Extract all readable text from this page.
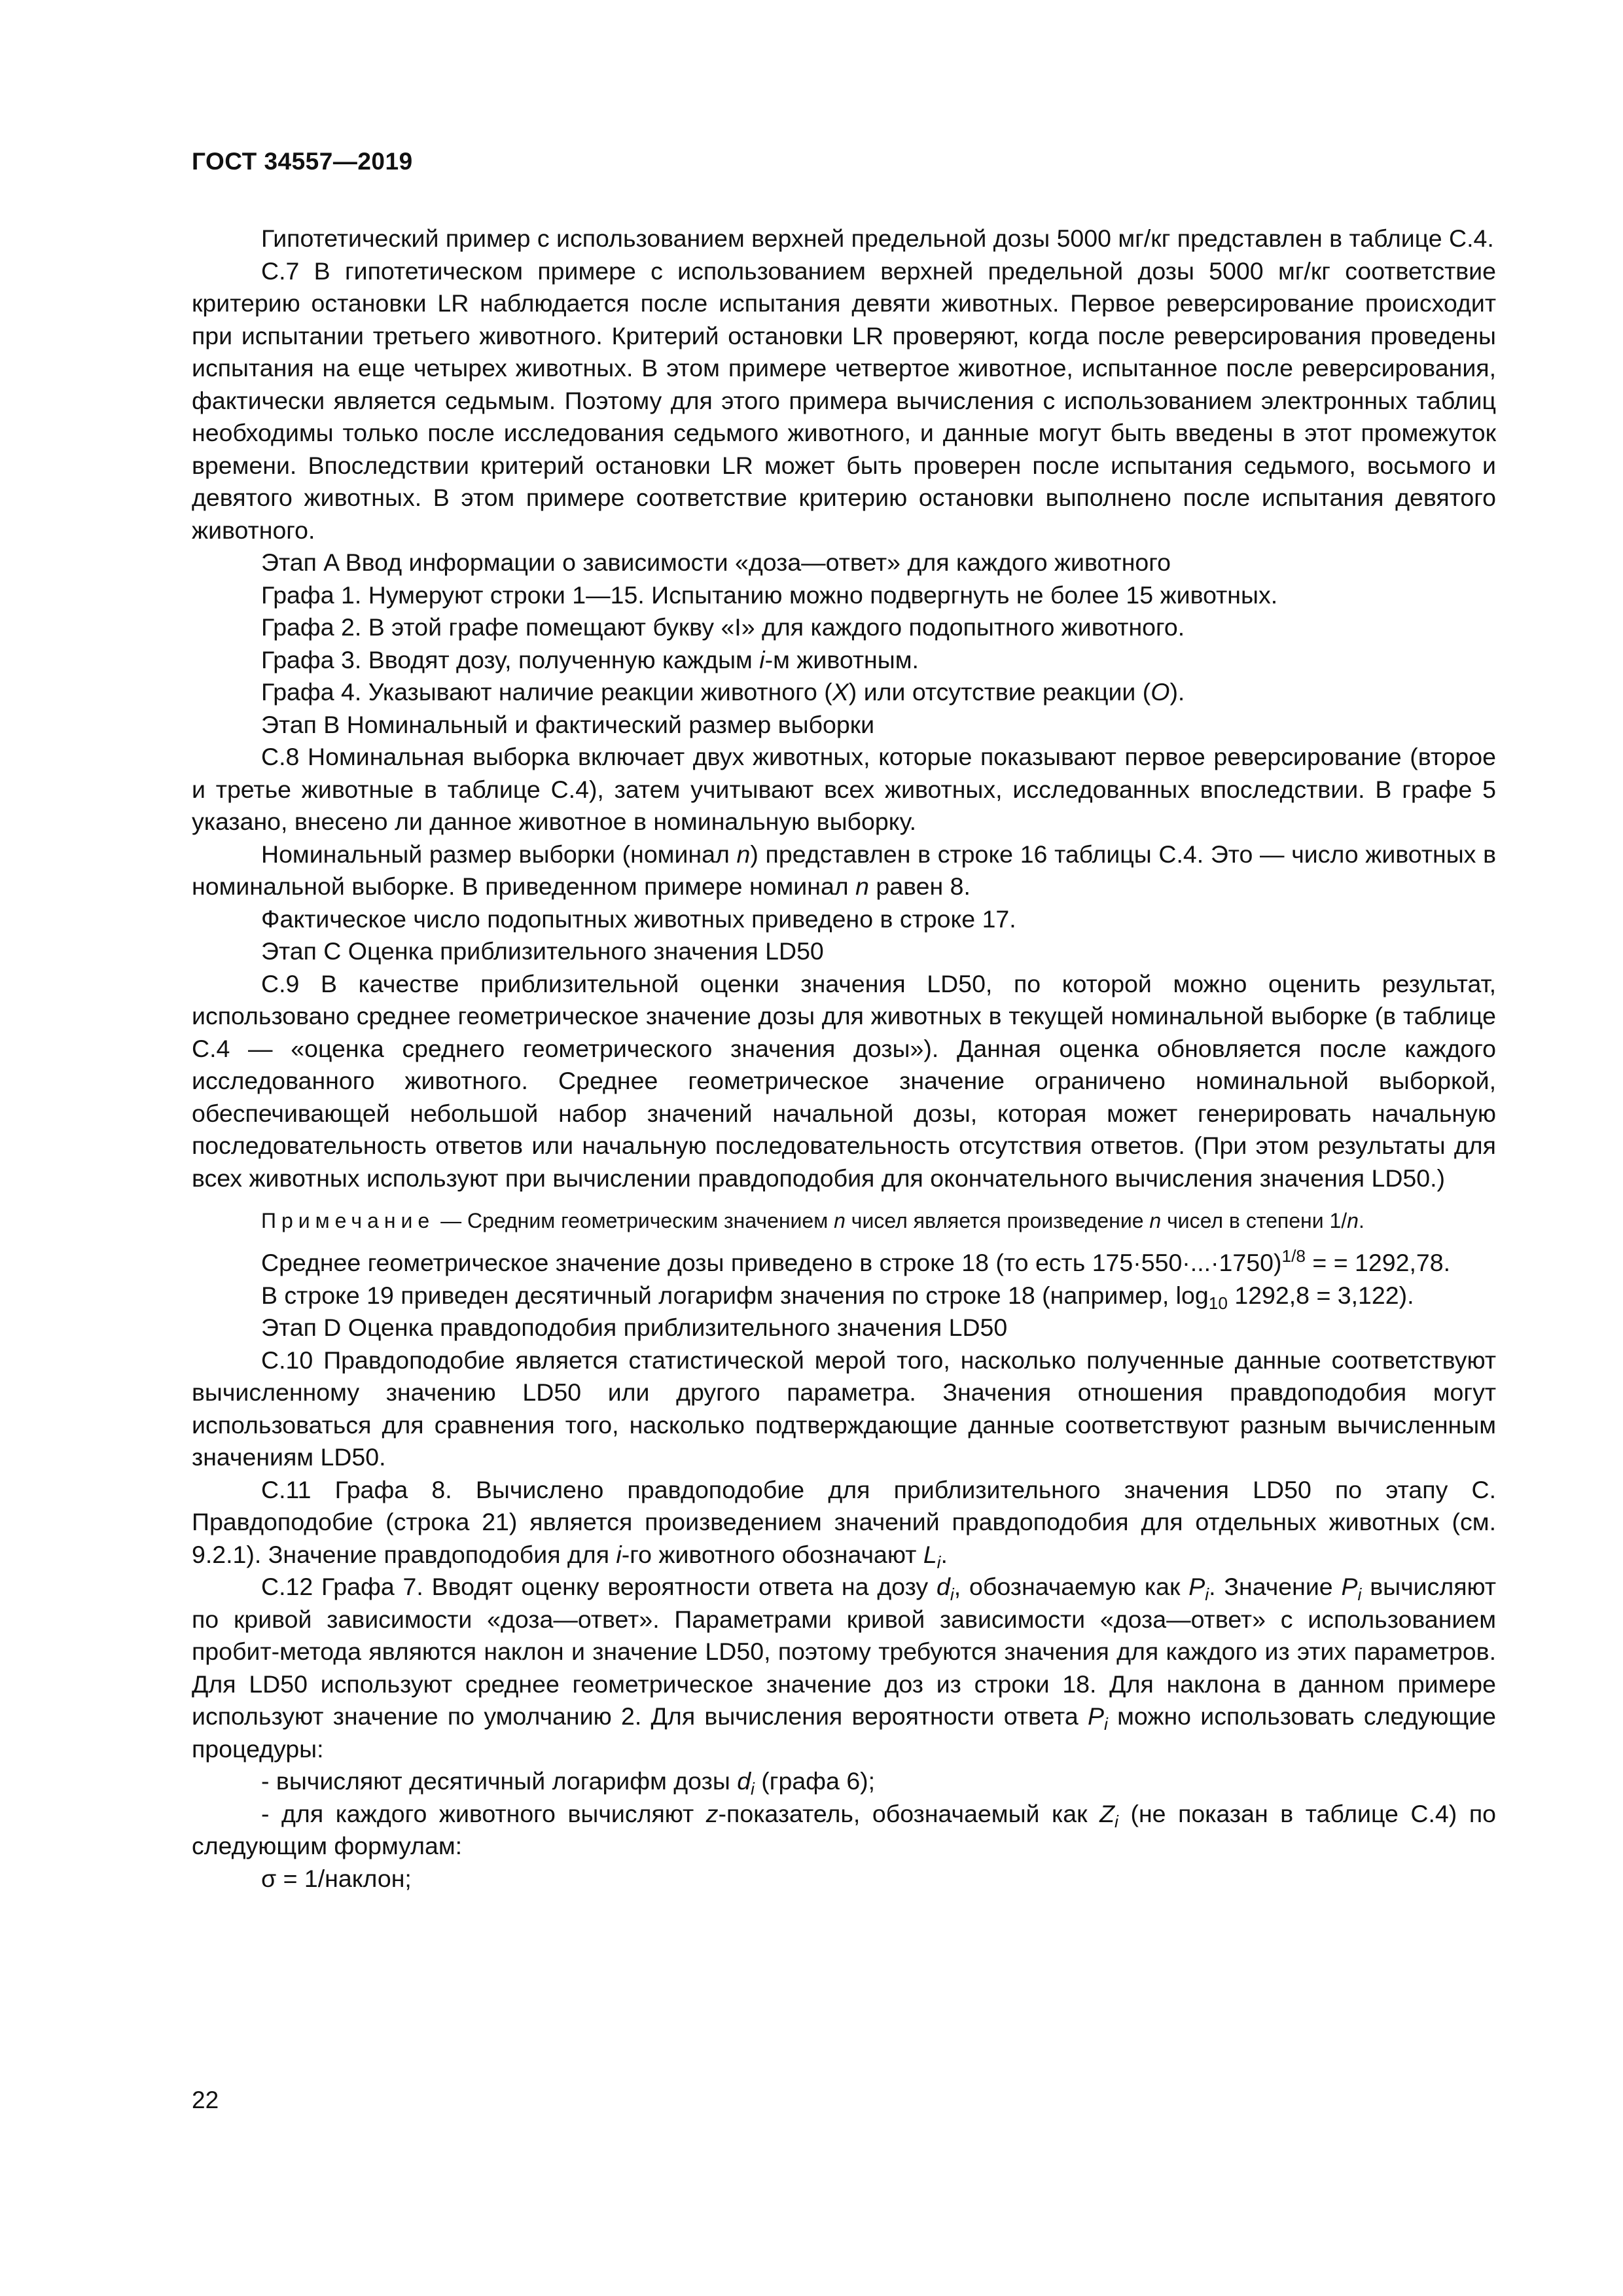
ГОСТ 34557—2019

Гипотетический пример с использованием верхней предельной дозы 5000 мг/кг представлен в таблице С.4.

С.7 В гипотетическом примере с использованием верхней предельной дозы 5000 мг/кг соответствие критерию остановки LR наблюдается после испытания девяти животных. Первое реверсирование происходит при испытании третьего животного. Критерий остановки LR проверяют, когда после реверсирования проведены испытания на еще четырех животных. В этом примере четвертое животное, испытанное после реверсирования, фактически является седьмым. Поэтому для этого примера вычисления с использованием электронных таблиц необходимы только после исследования седьмого животного, и данные могут быть введены в этот промежуток времени. Впоследствии критерий остановки LR может быть проверен после испытания седьмого, восьмого и девятого животных. В этом примере соответствие критерию остановки выполнено после испытания девятого животного.

Этап A Ввод информации о зависимости «доза—ответ» для каждого животного

Графа 1. Нумеруют строки 1—15. Испытанию можно подвергнуть не более 15 животных.

Графа 2. В этой графе помещают букву «I» для каждого подопытного животного.

Графа 3. Вводят дозу, полученную каждым i-м животным.

Графа 4. Указывают наличие реакции животного (X) или отсутствие реакции (O).

Этап B Номинальный и фактический размер выборки

С.8 Номинальная выборка включает двух животных, которые показывают первое реверсирование (второе и третье животные в таблице С.4), затем учитывают всех животных, исследованных впоследствии. В графе 5 указано, внесено ли данное животное в номинальную выборку.

Номинальный размер выборки (номинал n) представлен в строке 16 таблицы С.4. Это — число животных в номинальной выборке. В приведенном примере номинал n равен 8.

Фактическое число подопытных животных приведено в строке 17.

Этап C Оценка приблизительного значения LD50

С.9 В качестве приблизительной оценки значения LD50, по которой можно оценить результат, использовано среднее геометрическое значение дозы для животных в текущей номинальной выборке (в таблице С.4 — «оценка среднего геометрического значения дозы»). Данная оценка обновляется после каждого исследованного животного. Среднее геометрическое значение ограничено номинальной выборкой, обеспечивающей небольшой набор значений начальной дозы, которая может генерировать начальную последовательность ответов или начальную последовательность отсутствия ответов. (При этом результаты для всех животных используют при вычислении правдоподобия для окончательного вычисления значения LD50.)

Примечание — Средним геометрическим значением n чисел является произведение n чисел в степени 1/n.

Среднее геометрическое значение дозы приведено в строке 18 (то есть 175·550·...·1750)$^{1/8}$ = = 1292,78.

В строке 19 приведен десятичный логарифм значения по строке 18 (например, $\log_{10} 1292,8 = 3,122$).

Этап D Оценка правдоподобия приблизительного значения LD50

С.10 Правдоподобие является статистической мерой того, насколько полученные данные соответствуют вычисленному значению LD50 или другого параметра. Значения отношения правдоподобия могут использоваться для сравнения того, насколько подтверждающие данные соответствуют разным вычисленным значениям LD50.

С.11 Графа 8. Вычислено правдоподобие для приблизительного значения LD50 по этапу C. Правдоподобие (строка 21) является произведением значений правдоподобия для отдельных животных (см. 9.2.1). Значение правдоподобия для i-го животного обозначают $L_i$.

С.12 Графа 7. Вводят оценку вероятности ответа на дозу $d_i$, обозначаемую как $P_i$. Значение $P_i$ вычисляют по кривой зависимости «доза—ответ». Параметрами кривой зависимости «доза—ответ» с использованием пробит-метода являются наклон и значение LD50, поэтому требуются значения для каждого из этих параметров. Для LD50 используют среднее геометрическое значение доз из строки 18. Для наклона в данном примере используют значение по умолчанию 2. Для вычисления вероятности ответа $P_i$ можно использовать следующие процедуры:

- вычисляют десятичный логарифм дозы $d_i$ (графа 6);

- для каждого животного вычисляют z-показатель, обозначаемый как $Z_i$ (не показан в таблице С.4) по следующим формулам:

σ = 1/наклон;

22
